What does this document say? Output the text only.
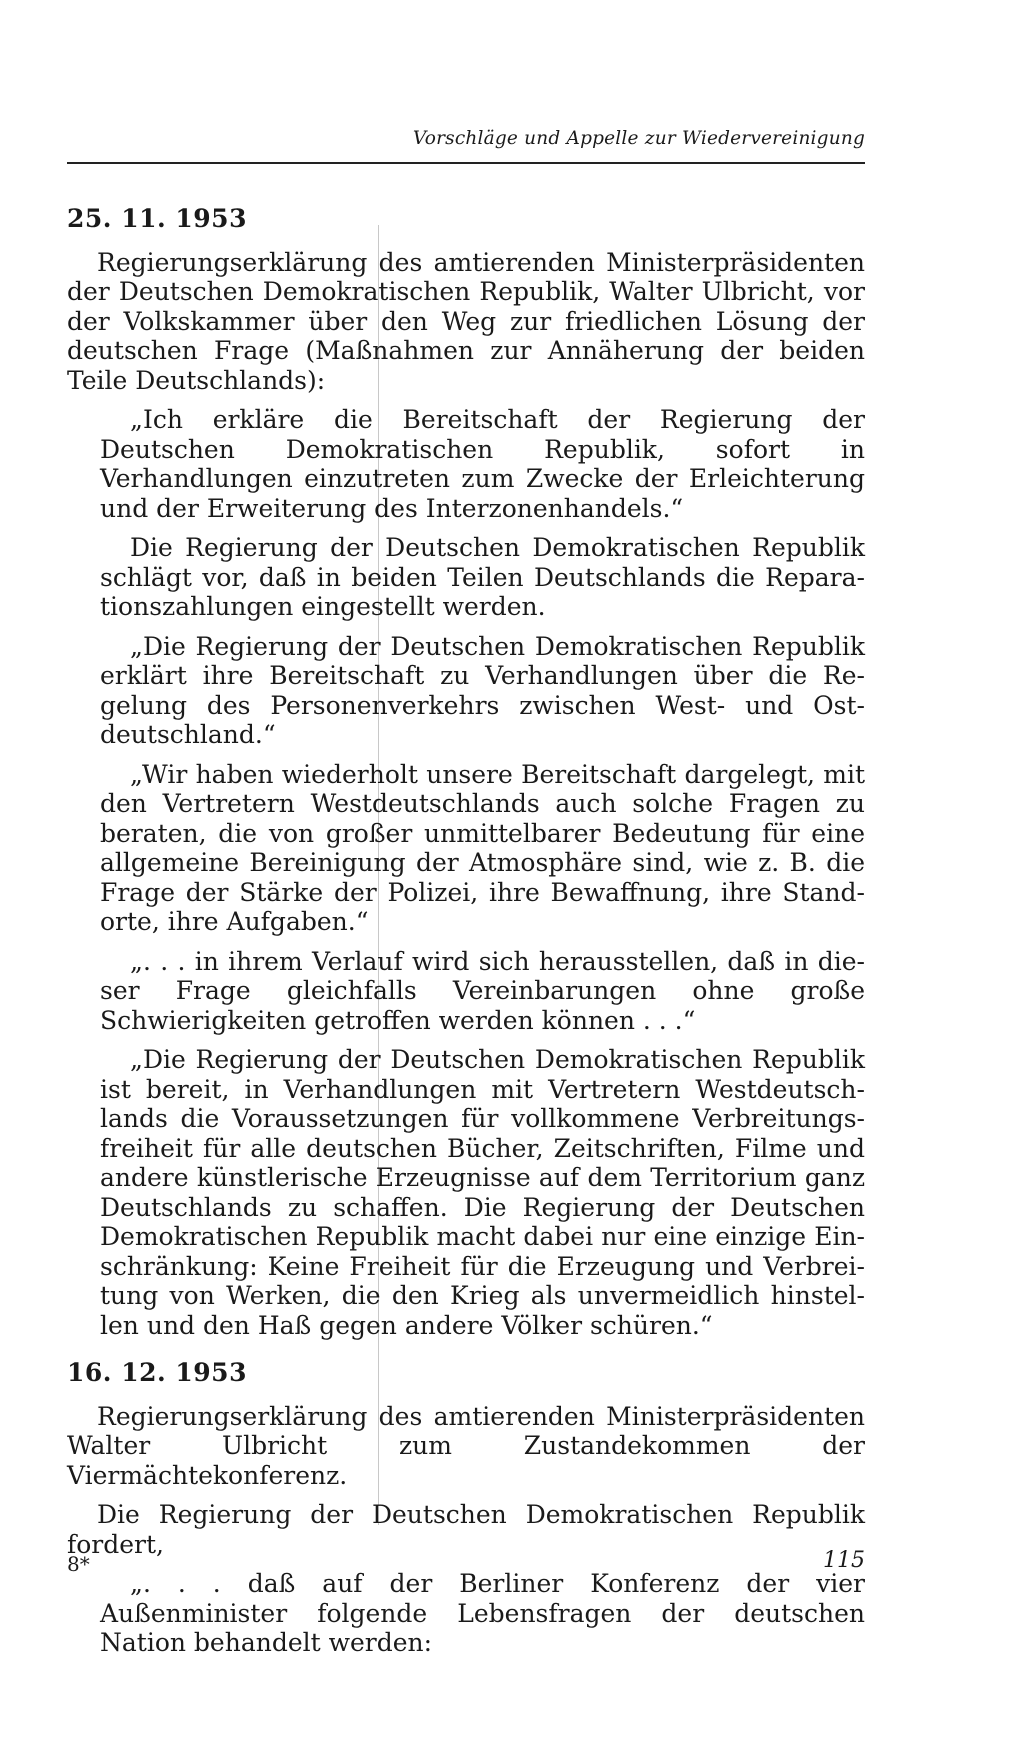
Vorschläge und Appelle zur Wiedervereinigung
25. 11. 1953

Regierungserklärung des amtierenden Ministerpräsidenten der Deutschen Demokratischen Republik, Walter Ulbricht, vor der Volkskammer über den Weg zur friedlichen Lösung der deutschen Frage (Maßnahmen zur Annäherung der beiden Teile Deutschlands):

„Ich erkläre die Bereitschaft der Regierung der Deutschen Demokratischen Republik, sofort in Verhandlungen einzutreten zum Zwecke der Erleichterung und der Erweiterung des Interzonenhandels.“

Die Regierung der Deutschen Demokratischen Republik schlägt vor, daß in beiden Teilen Deutschlands die Reparationszahlungen eingestellt werden.

„Die Regierung der Deutschen Demokratischen Republik erklärt ihre Bereitschaft zu Verhandlungen über die Regelung des Personenverkehrs zwischen West- und Ostdeutschland.“

„Wir haben wiederholt unsere Bereitschaft dargelegt, mit den Vertretern Westdeutschlands auch solche Fragen zu beraten, die von großer unmittelbarer Bedeutung für eine allgemeine Bereinigung der Atmosphäre sind, wie z. B. die Frage der Stärke der Polizei, ihre Bewaffnung, ihre Standorte, ihre Aufgaben.“

„. . . in ihrem Verlauf wird sich herausstellen, daß in dieser Frage gleichfalls Vereinbarungen ohne große Schwierigkeiten getroffen werden können . . .“

„Die Regierung der Deutschen Demokratischen Republik ist bereit, in Verhandlungen mit Vertretern Westdeutschlands die Voraussetzungen für vollkommene Verbreitungsfreiheit für alle deutschen Bücher, Zeitschriften, Filme und andere künstlerische Erzeugnisse auf dem Territorium ganz Deutschlands zu schaffen. Die Regierung der Deutschen Demokratischen Republik macht dabei nur eine einzige Einschränkung: Keine Freiheit für die Erzeugung und Verbreitung von Werken, die den Krieg als unvermeidlich hinstellen und den Haß gegen andere Völker schüren.“

16. 12. 1953

Regierungserklärung des amtierenden Ministerpräsidenten Walter Ulbricht zum Zustandekommen der Viermächtekonferenz.

Die Regierung der Deutschen Demokratischen Republik fordert,

„. . . daß auf der Berliner Konferenz der vier Außenminister folgende Lebensfragen der deutschen Nation behandelt werden:

8*	115
